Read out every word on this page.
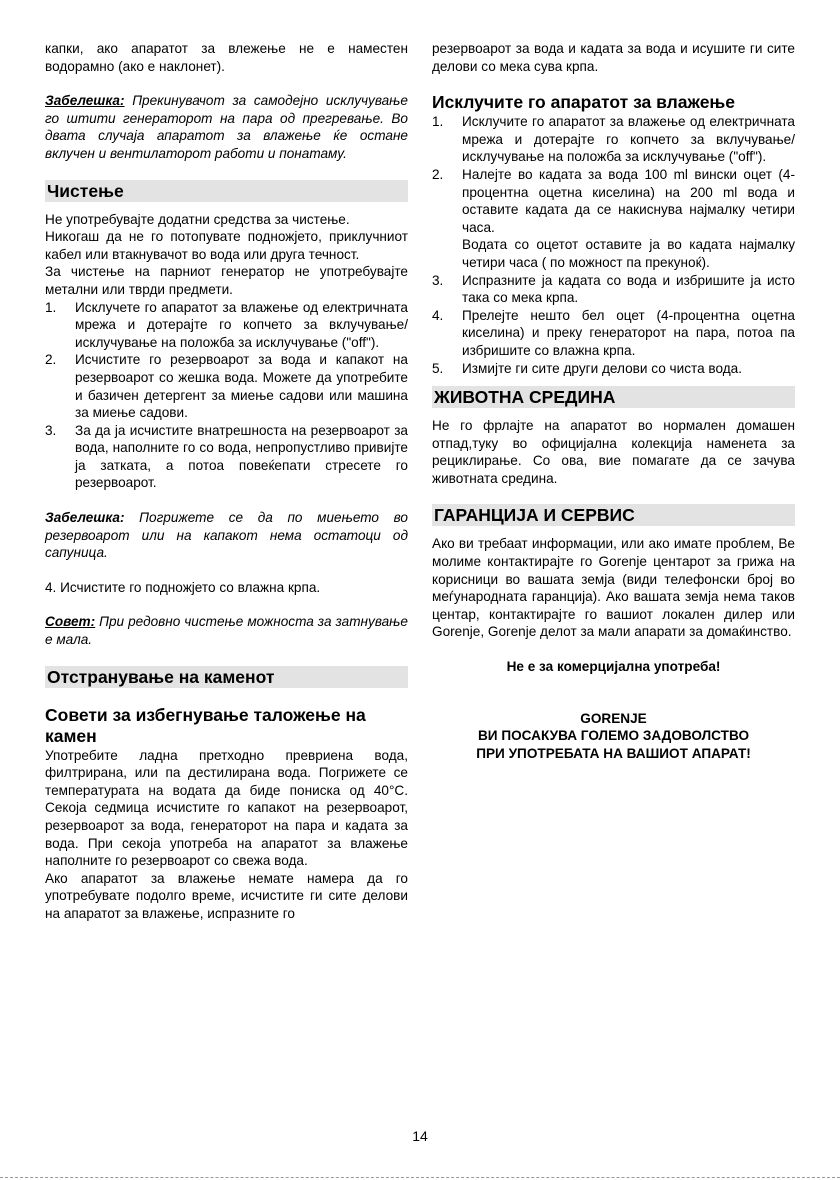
капки, ако апаратот за влежење не е наместен водорамно (ако е наклонет).

Забелешка: Прекинувачот за самодејно исклучување го штити генераторот на пара од прегревање. Во двата случаја апаратот за влажење ќе остане вклучен и вентилаторот работи и понатаму.

Чистење

Не употребувајте додатни средства за чистење.

Никогаш да не го потопувате подножјето, приклучниот кабел или втакнувачот во вода или друга течност.

За чистење на парниот генератор не употребувајте метални или тврди предмети.

1. Исклучете го апаратот за влажење од електричната мрежа и дотерајте го копчето за вклучување/исклучување на положба за исклучување ("off").
2. Исчистите го резервоарот за вода и капакот на резервоарот со жешка вода. Можете да употребите и базичен детергент за миење садови или машина за миење садови.
3. За да ја исчистите внатрешноста на резервоарот за вода, наполните го со вода, непропустливо привијте ја затката, а потоа повеќепати стресете го резервоарот.

Забелешка: Погрижете се да по миењето во резервоарот или на капакот нема остатоци од сапуница.

4. Исчистите го подножјето со влажна крпа.

Совет: При редовно чистење можноста за затнување е мала.

Отстранување на каменот
Совети за избегнување таложење на камен

Употребите ладна претходно превриена вода, филтрирана, или па дестилирана вода. Погрижете се температурата на водата да биде пониска од 40°C. Секоја седмица исчистите го капакот на резервоарот, резервоарот за вода, генераторот на пара и кадата за вода. При секоја употреба на апаратот за влажење наполните го резервоарот со свежа вода.

Ако апаратот за влажење немате намера да го употребувате подолго време, исчистите ги сите делови на апаратот за влажење, испразните го

резервоарот за вода и кадата за вода и исушите ги сите делови со мека сува крпа.

Исклучите го апаратот за влажење
1. Исклучите го апаратот за влажење од електричната мрежа и дотерајте го копчето за вклучување/исклучување на положба за исклучување ("off").
2. Налејте во кадата за вода 100 ml вински оцет (4-процентна оцетна киселина) на 200 ml вода и оставите кадата да се накиснува најмалку четири часа.
Водата со оцетот оставите ја во кадата најмалку четири часа ( по можност па прекуноќ).
3. Испразните ја кадата со вода и избришите ја исто така со мека крпа.
4. Прелејте нешто бел оцет (4-процентна оцетна киселина) и преку генераторот на пара, потоа па избришите со влажна крпа.
5. Измијте ги сите други делови со чиста вода.
ЖИВОТНА СРЕДИНА

Не го фрлајте на апаратот во нормален домашен отпад,туку во официјална колекција наменета за рециклирање. Со ова, вие помагате да се зачува животната средина.

ГАРАНЦИЈА И СЕРВИС

Ако ви требаат информации, или ако имате проблем, Ве молиме контактирајте го Gorenje центарот за грижа на корисници во вашата земја (види телефонски број во меѓународната гаранција). Ако вашата земја нема таков центар, контактирајте го вашиот локален дилер или Gorenje, Gorenje делот за мали апарати за домаќинство.

Не е за комерцијална употреба!

GORENJE

ВИ ПОСАКУВА ГОЛЕМО ЗАДОВОЛСТВО

ПРИ УПОТРЕБАТА НА ВАШИОТ АПАРАТ!

14
